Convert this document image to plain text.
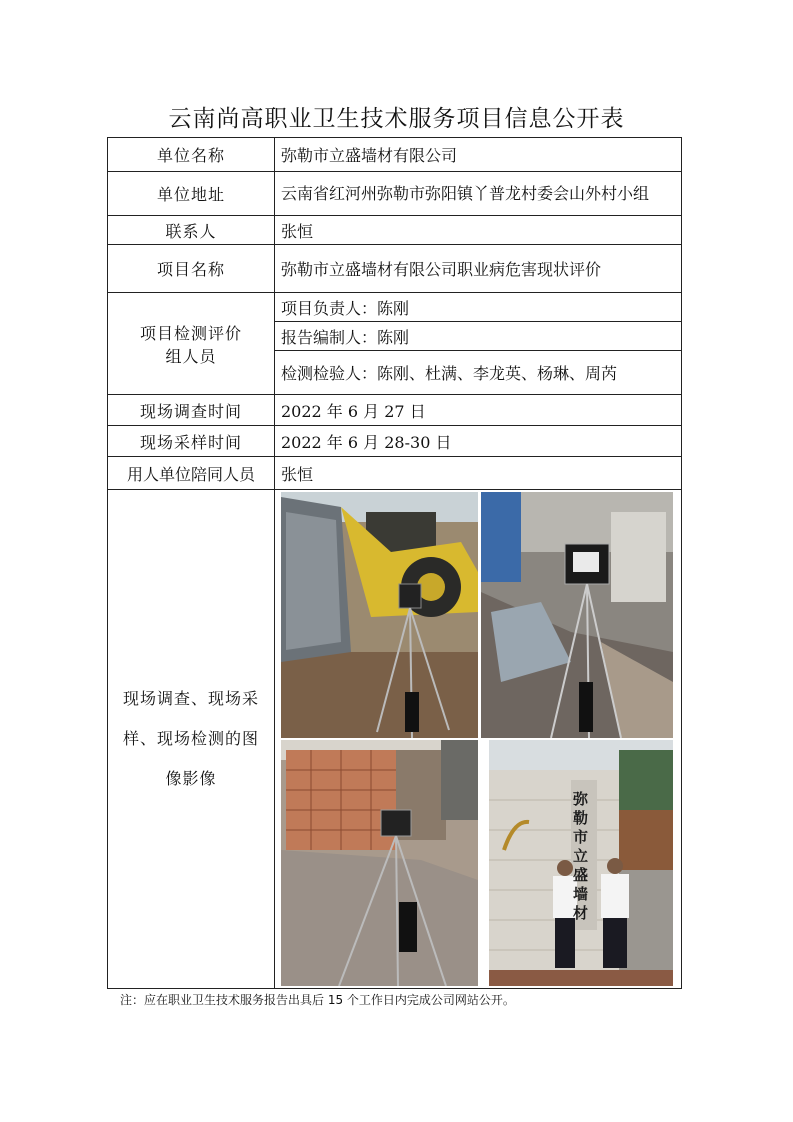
云南尚高职业卫生技术服务项目信息公开表
单位名称	弥勒市立盛墙材有限公司
单位地址	云南省红河州弥勒市弥阳镇丫普龙村委会山外村小组
联系人	张恒
项目名称	弥勒市立盛墙材有限公司职业病危害现状评价
项目检测评价组人员	项目负责人：陈刚
报告编制人：陈刚
检测检验人：陈刚、杜满、李龙英、杨琳、周芮

现场调查时间	2022 年 6 月 27 日
现场采样时间	2022 年 6 月 28-30 日
用人单位陪同人员	张恒
现场调查、现场采样、现场检测的图像影像	
弥勒市立盛墙材
注：应在职业卫生技术服务报告出具后 15 个工作日内完成公司网站公开。
